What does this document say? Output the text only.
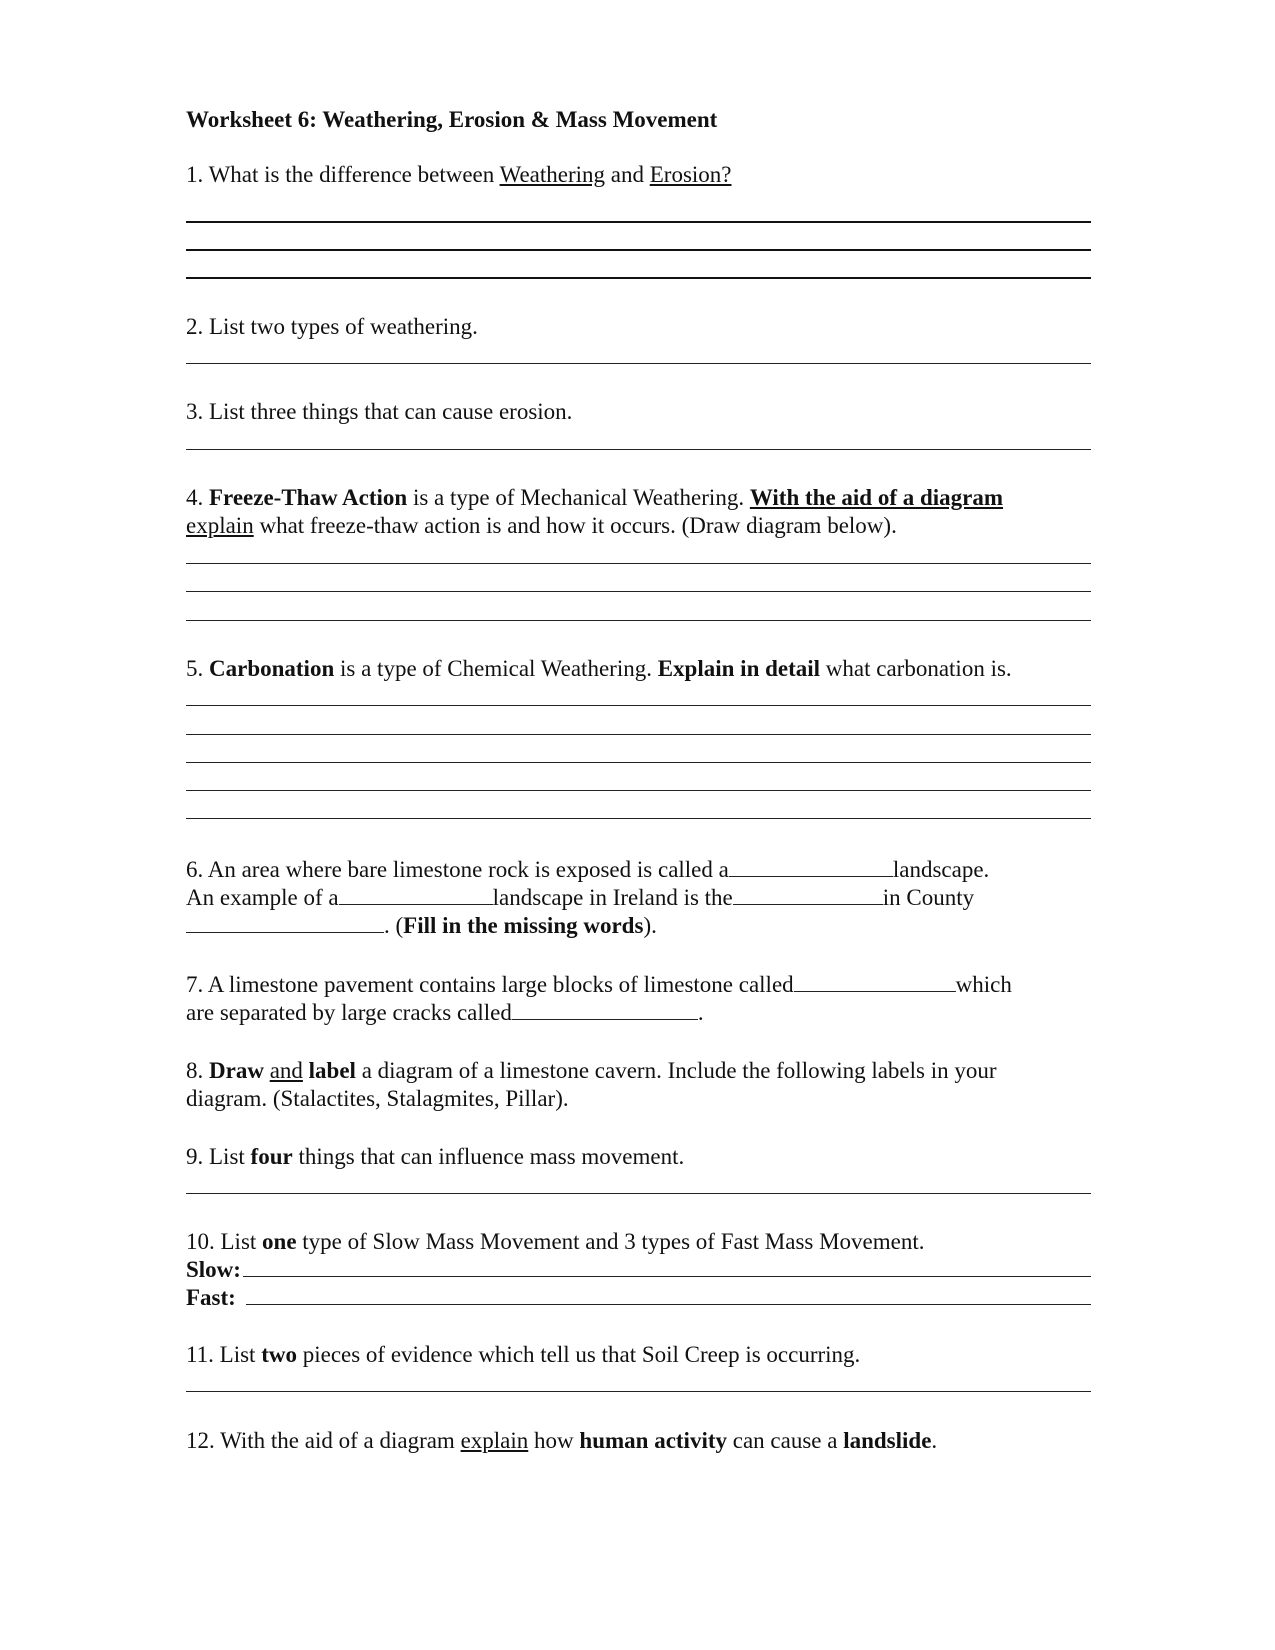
Worksheet 6: Weathering, Erosion & Mass Movement
1. What is the difference between Weathering and Erosion?
2. List two types of weathering.
3. List three things that can cause erosion.
4. Freeze-Thaw Action is a type of Mechanical Weathering. With the aid of a diagram
explain what freeze-thaw action is and how it occurs. (Draw diagram below).
5. Carbonation is a type of Chemical Weathering. Explain in detail what carbonation is.
6. An area where bare limestone rock is exposed is called a	landscape.
An example of a	landscape in Ireland is the	in County
. ( Fill in the missing words ).
7. A limestone pavement contains large blocks of limestone called	which
are separated by large cracks called	.
8. Draw and label a diagram of a limestone cavern. Include the following labels in your
diagram. (Stalactites, Stalagmites, Pillar).
9. List four things that can influence mass movement.
10. List one type of Slow Mass Movement and 3 types of Fast Mass Movement.
Slow:
Fast:
11. List two pieces of evidence which tell us that Soil Creep is occurring.
12. With the aid of a diagram explain how human activity can cause a landslide.
